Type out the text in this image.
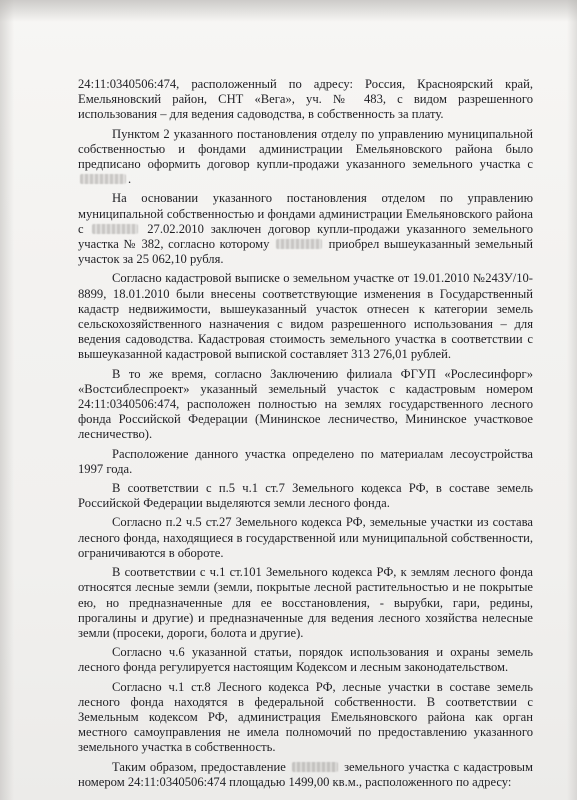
24:11:0340506:474, расположенный по адресу: Россия, Красноярский край, Емельяновский район, СНТ «Вега», уч. № 483, с видом разрешенного использования – для ведения садоводства, в собственность за плату.

Пунктом 2 указанного постановления отделу по управлению муниципальной собственностью и фондами администрации Емельяновского района было предписано оформить договор купли-продажи указанного земельного участка с .

На основании указанного постановления отделом по управлению муниципальной собственностью и фондами администрации Емельяновского района с	27.02.2010 заключен договор купли-продажи указанного земельного участка № 382, согласно которому	приобрел вышеуказанный земельный участок за 25 062,10 рубля.

Согласно кадастровой выписке о земельном участке от 19.01.2010 №24ЗУ/10-8899, 18.01.2010 были внесены соответствующие изменения в Государственный кадастр недвижимости, вышеуказанный участок отнесен к категории земель сельскохозяйственного назначения с видом разрешенного использования – для ведения садоводства. Кадастровая стоимость земельного участка в соответствии с вышеуказанной кадастровой выпиской составляет 313 276,01 рублей.

В то же время, согласно Заключению филиала ФГУП «Рослесинфорг» «Востсиблеспроект» указанный земельный участок с кадастровым номером 24:11:0340506:474, расположен полностью на землях государственного лесного фонда Российской Федерации (Мининское лесничество, Мининское участковое лесничество).

Расположение данного участка определено по материалам лесоустройства 1997 года.

В соответствии с п.5 ч.1 ст.7 Земельного кодекса РФ, в составе земель Российской Федерации выделяются земли лесного фонда.

Согласно п.2 ч.5 ст.27 Земельного кодекса РФ, земельные участки из состава лесного фонда, находящиеся в государственной или муниципальной собственности, ограничиваются в обороте.

В соответствии с ч.1 ст.101 Земельного кодекса РФ, к землям лесного фонда относятся лесные земли (земли, покрытые лесной растительностью и не покрытые ею, но предназначенные для ее восстановления, - вырубки, гари, редины, прогалины и другие) и предназначенные для ведения лесного хозяйства нелесные земли (просеки, дороги, болота и другие).

Согласно ч.6 указанной статьи, порядок использования и охраны земель лесного фонда регулируется настоящим Кодексом и лесным законодательством.

Согласно ч.1 ст.8 Лесного кодекса РФ, лесные участки в составе земель лесного фонда находятся в федеральной собственности. В соответствии с Земельным кодексом РФ, администрация Емельяновского района как орган местного самоуправления не имела полномочий по предоставлению указанного земельного участка в собственность.

Таким образом, предоставление	земельного участка с кадастровым номером 24:11:0340506:474 площадью 1499,00 кв.м., расположенного по адресу:
